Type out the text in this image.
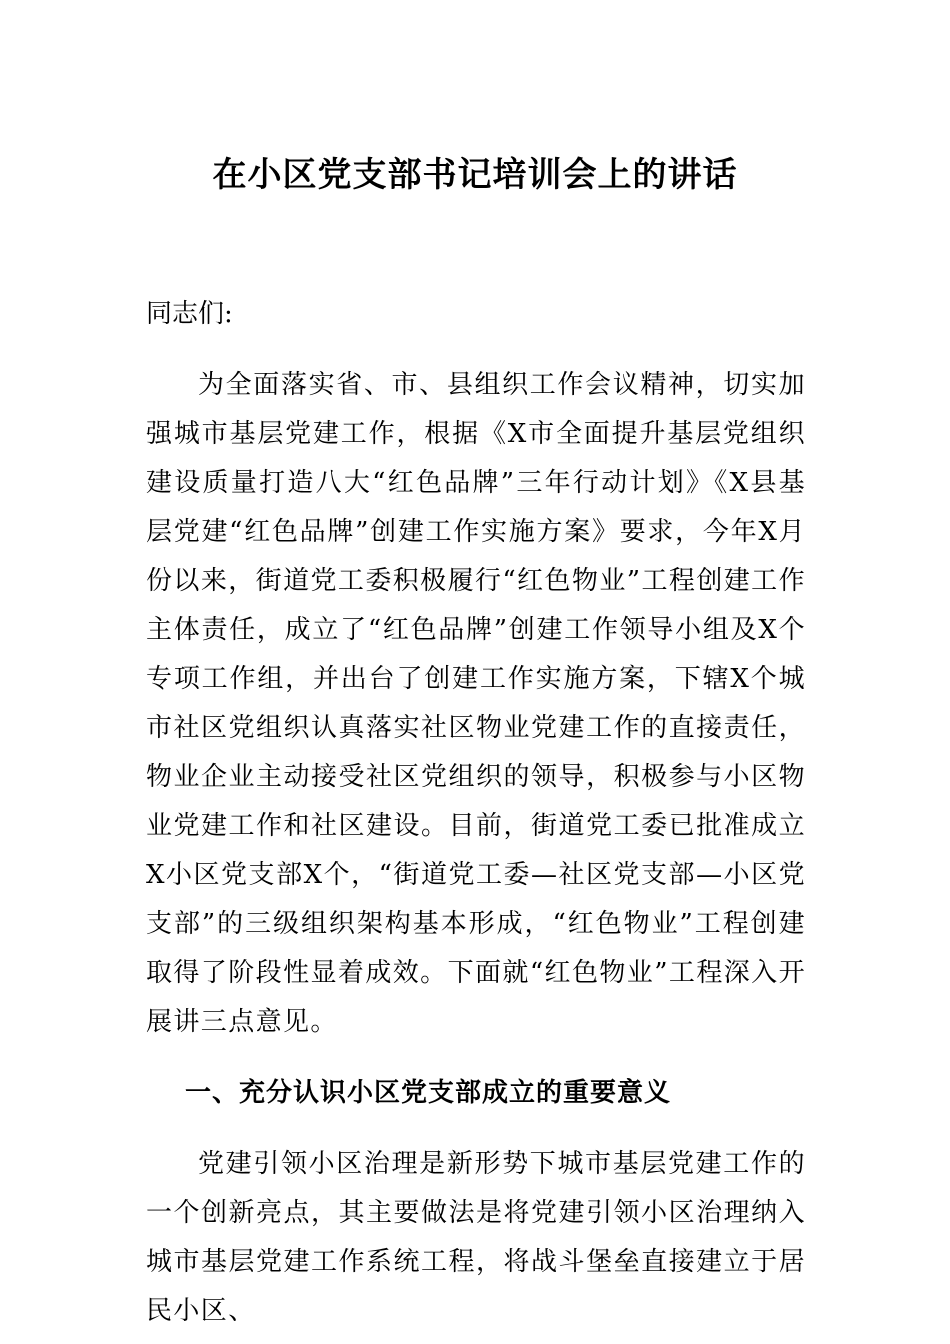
在小区党支部书记培训会上的讲话

同志们:

为全面落实省、市、县组织工作会议精神，切实加强城市基层党建工作，根据《X市全面提升基层党组织建设质量打造八大“红色品牌”三年行动计划》《X县基层党建“红色品牌”创建工作实施方案》要求，今年X月份以来，街道党工委积极履行“红色物业”工程创建工作主体责任，成立了“红色品牌”创建工作领导小组及X个专项工作组，并出台了创建工作实施方案，下辖X个城市社区党组织认真落实社区物业党建工作的直接责任，物业企业主动接受社区党组织的领导，积极参与小区物业党建工作和社区建设。目前，街道党工委已批准成立X小区党支部X个，“街道党工委—社区党支部—小区党支部”的三级组织架构基本形成，“红色物业”工程创建取得了阶段性显着成效。下面就“红色物业”工程深入开展讲三点意见。

一、充分认识小区党支部成立的重要意义

党建引领小区治理是新形势下城市基层党建工作的一个创新亮点，其主要做法是将党建引领小区治理纳入城市基层党建工作系统工程，将战斗堡垒直接建立于居民小区、
